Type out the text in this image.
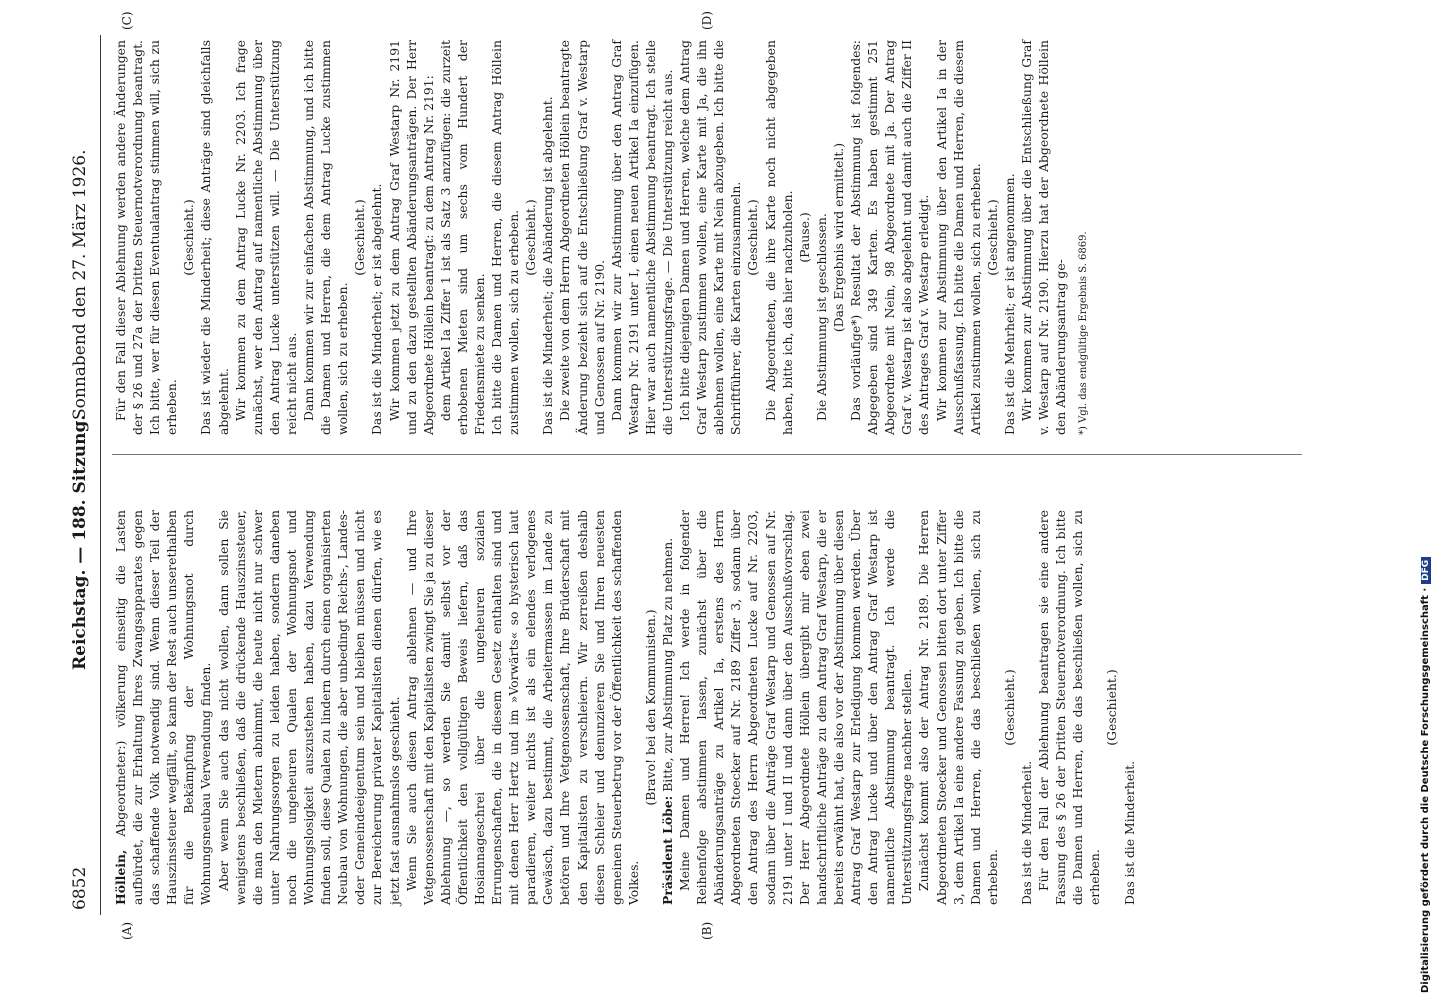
6852
Reichstag. — 188. Sitzung.
Sonnabend den 27. März 1926.
(A)	(B)
(C)	(D)

Höllein, Abgeordneter:) völkerung einseitig die Lasten aufbürdet, die zur Erhaltung Ihres Zwangsapparates gegen das schaffende Volk notwendig sind. Wenn dieser Teil der Hauszinssteuer wegfällt, so kann der Rest auch unserethalben für die Bekämpfung der Wohnungsnot durch Wohnungsneubau Verwendung finden. Aber wenn Sie auch das nicht wollen, dann sollen Sie wenigstens beschließen, daß die drückende Hauszinssteuer, die man den Mietern abnimmt, die heute nicht nur schwer unter Nahrungssorgen zu leiden haben, sondern daneben noch die ungeheuren Qualen der Wohnungsnot und Wohnungslosigkeit auszustehen haben, dazu Verwendung finden soll, diese Qualen zu lindern durch einen organisierten Neubau von Wohnungen, die aber unbedingt Reichs-, Landes- oder Gemeindeeigentum sein und bleiben müssen und nicht zur Bereicherung privater Kapitalisten dienen dürfen, wie es jetzt fast ausnahmslos geschieht. Wenn Sie auch diesen Antrag ablehnen — und Ihre Vetgenossenschaft mit den Kapitalisten zwingt Sie ja zu dieser Ablehnung —, so werden Sie damit selbst vor der Öffentlichkeit den vollgültigen Beweis liefern, daß das Hosiannageschrei über die ungeheuren sozialen Errungenschaften, die in diesem Gesetz enthalten sind und mit denen Herr Hertz und im »Vorwärts« so hysterisch laut paradieren, weiter nichts ist als ein elendes verlogenes Gewäsch, dazu bestimmt, die Arbeitermassen im Lande zu betören und Ihre Vetgenossenschaft, Ihre Brüderschaft mit den Kapitalisten zu verschleiern. Wir zerreißen deshalb diesen Schleier und denunzieren Sie und Ihren neuesten gemeinen Steuerbetrug vor der Öffentlichkeit des schaffenden Volkes.

(Bravo! bei den Kommunisten.)

Präsident Löbe: Bitte, zur Abstimmung Platz zu nehmen. Meine Damen und Herren! Ich werde in folgender Reihenfolge abstimmen lassen, zunächst über die Abänderungsanträge zu Artikel Ia, erstens des Herrn Abgeordneten Stoecker auf Nr. 2189 Ziffer 3, sodann über den Antrag des Herrn Abgeordneten Lucke auf Nr. 2203, sodann über die Anträge Graf Westarp und Genossen auf Nr. 2191 unter I und II und dann über den Ausschußvorschlag. Der Herr Abgeordnete Höllein übergibt mir eben zwei handschriftliche Anträge zu dem Antrag Graf Westarp, die er bereits erwähnt hat, die also vor der Abstimmung über diesen Antrag Graf Westarp zur Erledigung kommen werden. Über den Antrag Lucke und über den Antrag Graf Westarp ist namentliche Abstimmung beantragt. Ich werde die Unterstützungsfrage nachher stellen. Zunächst kommt also der Antrag Nr. 2189. Die Herren Abgeordneten Stoecker und Genossen bitten dort unter Ziffer 3, dem Artikel Ia eine andere Fassung zu geben. Ich bitte die Damen und Herren, die das beschließen wollen, sich zu erheben.

(Geschieht.)

Das ist die Minderheit. Für den Fall der Ablehnung beantragen sie eine andere Fassung des § 26 der Dritten Steuernotverordnung. Ich bitte die Damen und Herren, die das beschließen wollen, sich zu erheben.

(Geschieht.)

Das ist die Minderheit.

Für den Fall dieser Ablehnung werden andere Änderungen der § 26 und 27a der Dritten Steuernotverordnung beantragt. Ich bitte, wer für diesen Eventualantrag stimmen will, sich zu erheben.

(Geschieht.) Das ist wieder die Minderheit; diese Anträge sind gleichfalls abgelehnt. Wir kommen zu dem Antrag Lucke Nr. 2203. Ich frage zunächst, wer den Antrag auf namentliche Abstimmung über den Antrag Lucke unterstützen will. — Die Unterstützung reicht nicht aus. Dann kommen wir zur einfachen Abstimmung, und ich bitte die Damen und Herren, die dem Antrag Lucke zustimmen wollen, sich zu erheben.

(Geschieht.) Das ist die Minderheit; er ist abgelehnt. Wir kommen jetzt zu dem Antrag Graf Westarp Nr. 2191 und zu den dazu gestellten Abänderungsanträgen. Der Herr Abgeordnete Höllein beantragt: zu dem Antrag Nr. 2191: dem Artikel Ia Ziffer 1 ist als Satz 3 anzufügen: die zurzeit erhobenen Mieten sind um sechs vom Hundert der Friedensmiete zu senken. Ich bitte die Damen und Herren, die diesem Antrag Höllein zustimmen wollen, sich zu erheben. (Geschieht.) Das ist die Minderheit; die Abänderung ist abgelehnt. Die zweite von dem Herrn Abgeordneten Höllein beantragte Änderung bezieht sich auf die Entschließung Graf v. Westarp und Genossen auf Nr. 2190. Dann kommen wir zur Abstimmung über den Antrag Graf Westarp Nr. 2191 unter I, einen neuen Artikel Ia einzufügen. Hier war auch namentliche Abstimmung beantragt. Ich stelle die Unterstützungsfrage. — Die Unterstützung reicht aus. Ich bitte diejenigen Damen und Herren, welche dem Antrag Graf Westarp zustimmen wollen, eine Karte mit Ja, die ihn ablehnen wollen, eine Karte mit Nein abzugeben. Ich bitte die Schriftführer, die Karten einzusammeln. (Geschieht.) Die Abgeordneten, die ihre Karte noch nicht abgegeben haben, bitte ich, das hier nachzuholen. (Pause.) Die Abstimmung ist geschlossen. (Das Ergebnis wird ermittelt.) Das vorläufige*) Resultat der Abstimmung ist folgendes: Abgegeben sind 349 Karten. Es haben gestimmt 251 Abgeordnete mit Nein, 98 Abgeordnete mit Ja. Der Antrag Graf v. Westarp ist also abgelehnt und damit auch die Ziffer II des Antrages Graf v. Westarp erledigt. Wir kommen zur Abstimmung über den Artikel Ia in der Ausschußfassung. Ich bitte die Damen und Herren, die diesem Artikel zustimmen wollen, sich zu erheben. (Geschieht.) Das ist die Mehrheit; er ist angenommen. Wir kommen zur Abstimmung über die Entschließung Graf v. Westarp auf Nr. 2190. Hierzu hat der Abgeordnete Höllein den Abänderungsantrag ge-	*) Vgl. das endgültige Ergebnis S. 6869.

Digitalisierung gefördert durch die Deutsche Forschungsgemeinschaft ·DFG
